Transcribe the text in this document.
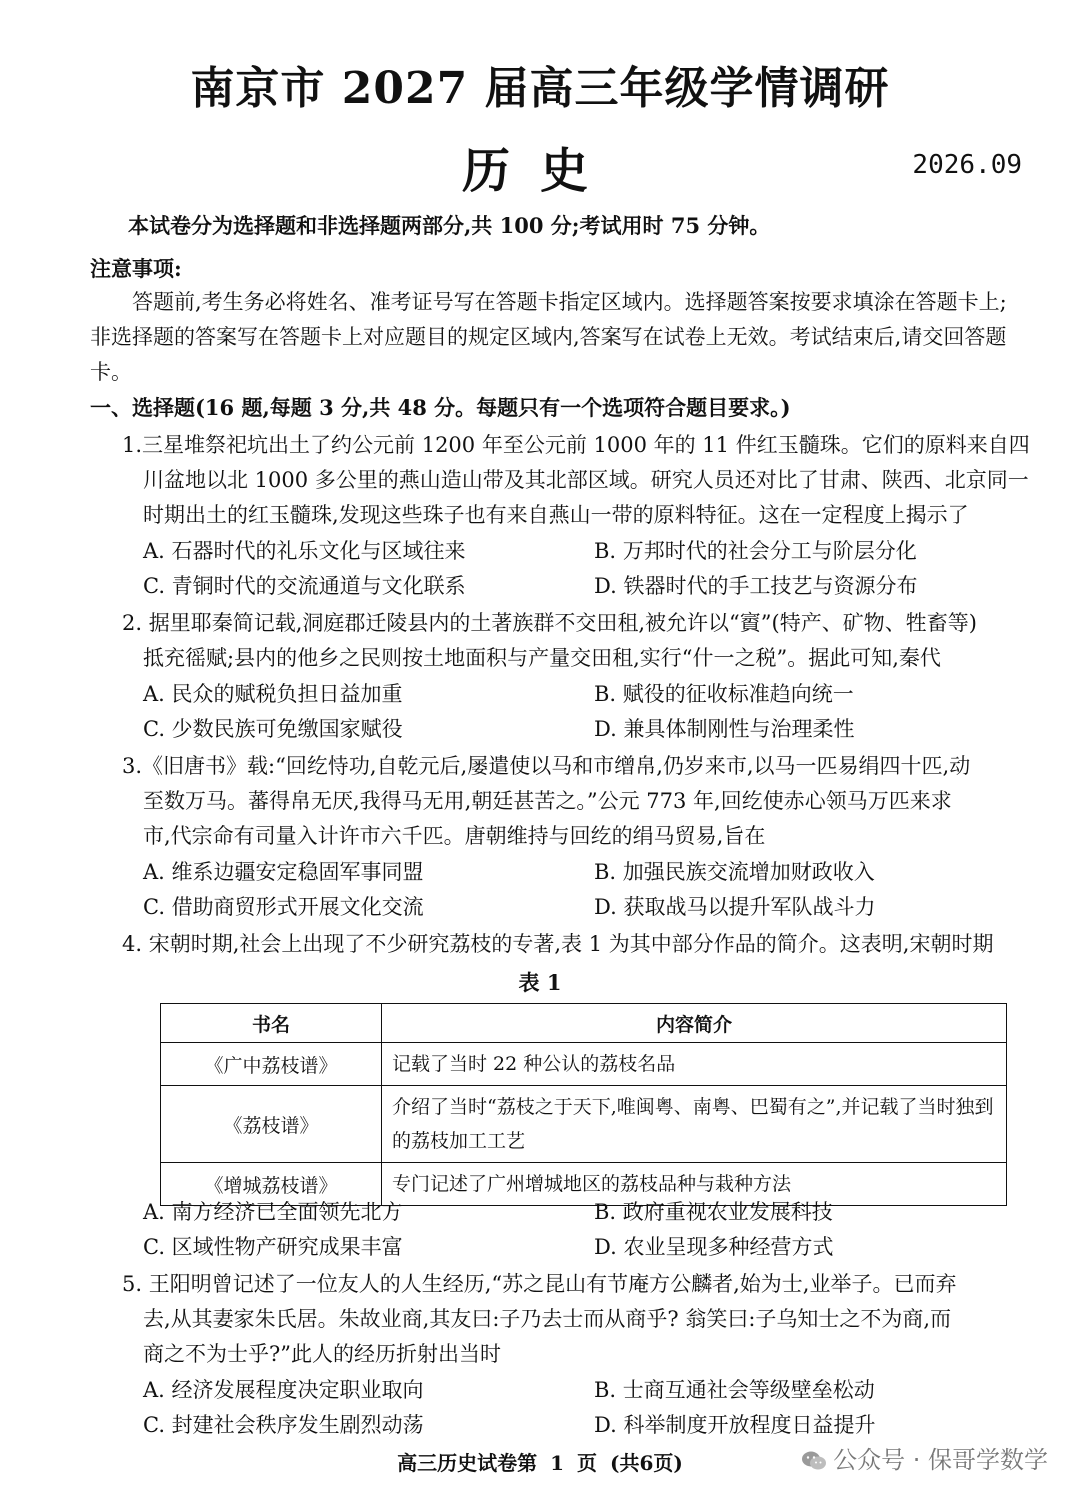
南京市 2027 届高三年级学情调研
历史	2026.09
本试卷分为选择题和非选择题两部分,共 100 分;考试用时 75 分钟。
注意事项:
答题前,考生务必将姓名、准考证号写在答题卡指定区域内。选择题答案按要求填涂在答题卡上;非选择题的答案写在答题卡上对应题目的规定区域内,答案写在试卷上无效。考试结束后,请交回答题卡。
一、选择题(16 题,每题 3 分,共 48 分。每题只有一个选项符合题目要求。)
1.三星堆祭祀坑出土了约公元前 1200 年至公元前 1000 年的 11 件红玉髓珠。它们的原料来自四
川盆地以北 1000 多公里的燕山造山带及其北部区域。研究人员还对比了甘肃、陕西、北京同一
时期出土的红玉髓珠,发现这些珠子也有来自燕山一带的原料特征。这在一定程度上揭示了
A. 石器时代的礼乐文化与区域往来	B. 万邦时代的社会分工与阶层分化
C. 青铜时代的交流通道与文化联系	D. 铁器时代的手工技艺与资源分布
2. 据里耶秦简记载,洞庭郡迁陵县内的土著族群不交田租,被允许以“賨”(特产、矿物、牲畜等)
抵充徭赋;县内的他乡之民则按土地面积与产量交田租,实行“什一之税”。据此可知,秦代
A. 民众的赋税负担日益加重	B. 赋役的征收标准趋向统一
C. 少数民族可免缴国家赋役	D. 兼具体制刚性与治理柔性
3.《旧唐书》载:“回纥恃功,自乾元后,屡遣使以马和市缯帛,仍岁来市,以马一匹易绢四十匹,动
至数万马。蕃得帛无厌,我得马无用,朝廷甚苦之。”公元 773 年,回纥使赤心领马万匹来求
市,代宗命有司量入计许市六千匹。唐朝维持与回纥的绢马贸易,旨在
A. 维系边疆安定稳固军事同盟	B. 加强民族交流增加财政收入
C. 借助商贸形式开展文化交流	D. 获取战马以提升军队战斗力
4. 宋朝时期,社会上出现了不少研究荔枝的专著,表 1 为其中部分作品的简介。这表明,宋朝时期
表 1
书名	内容简介
《广中荔枝谱》	记载了当时 22 种公认的荔枝名品
《荔枝谱》	介绍了当时“荔枝之于天下,唯闽粤、南粤、巴蜀有之”,并记载了当时独到的荔枝加工工艺
《增城荔枝谱》	专门记述了广州增城地区的荔枝品种与栽种方法
A. 南方经济已全面领先北方	B. 政府重视农业发展科技
C. 区域性物产研究成果丰富	D. 农业呈现多种经营方式
5. 王阳明曾记述了一位友人的人生经历,“苏之昆山有节庵方公麟者,始为士,业举子。已而弃
去,从其妻家朱氏居。朱故业商,其友曰:子乃去士而从商乎? 翁笑曰:子乌知士之不为商,而
商之不为士乎?”此人的经历折射出当时
A. 经济发展程度决定职业取向	B. 士商互通社会等级壁垒松动
C. 封建社会秩序发生剧烈动荡	D. 科举制度开放程度日益提升
高三历史试卷第 1 页 (共6页)	公众号 · 保哥学数学
